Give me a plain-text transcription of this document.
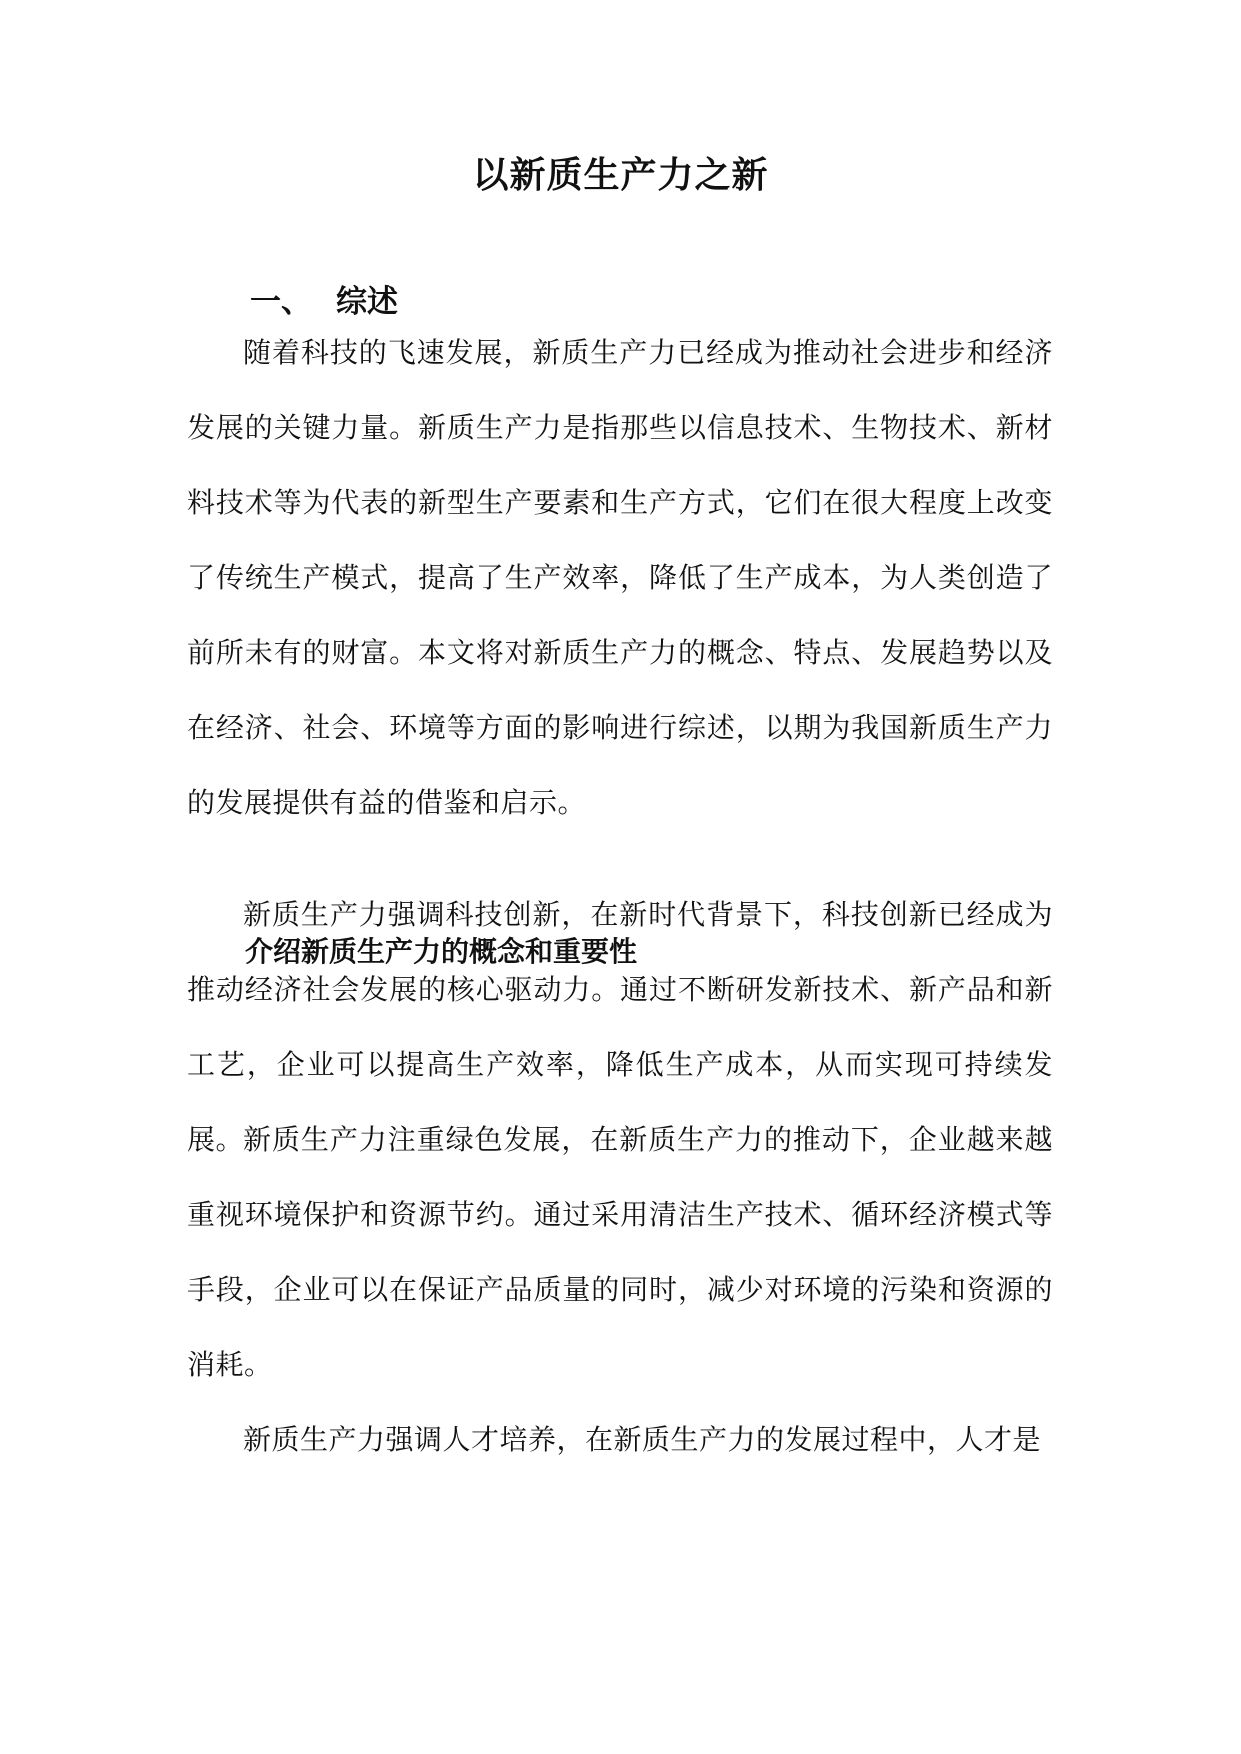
以新质生产力之新
一、 综述

随着科技的飞速发展，新质生产力已经成为推动社会进步和经济发展的关键力量。新质生产力是指那些以信息技术、生物技术、新材料技术等为代表的新型生产要素和生产方式，它们在很大程度上改变了传统生产模式，提高了生产效率，降低了生产成本，为人类创造了前所未有的财富。本文将对新质生产力的概念、特点、发展趋势以及在经济、社会、环境等方面的影响进行综述，以期为我国新质生产力的发展提供有益的借鉴和启示。

介绍新质生产力的概念和重要性

新质生产力强调科技创新，在新时代背景下，科技创新已经成为推动经济社会发展的核心驱动力。通过不断研发新技术、新产品和新工艺，企业可以提高生产效率，降低生产成本，从而实现可持续发展。

新质生产力注重绿色发展，在新质生产力的推动下，企业越来越重视环境保护和资源节约。通过采用清洁生产技术、循环经济模式等手段，企业可以在保证产品质量的同时，减少对环境的污染和资源的消耗。

新质生产力强调人才培养，在新质生产力的发展过程中，人才是
